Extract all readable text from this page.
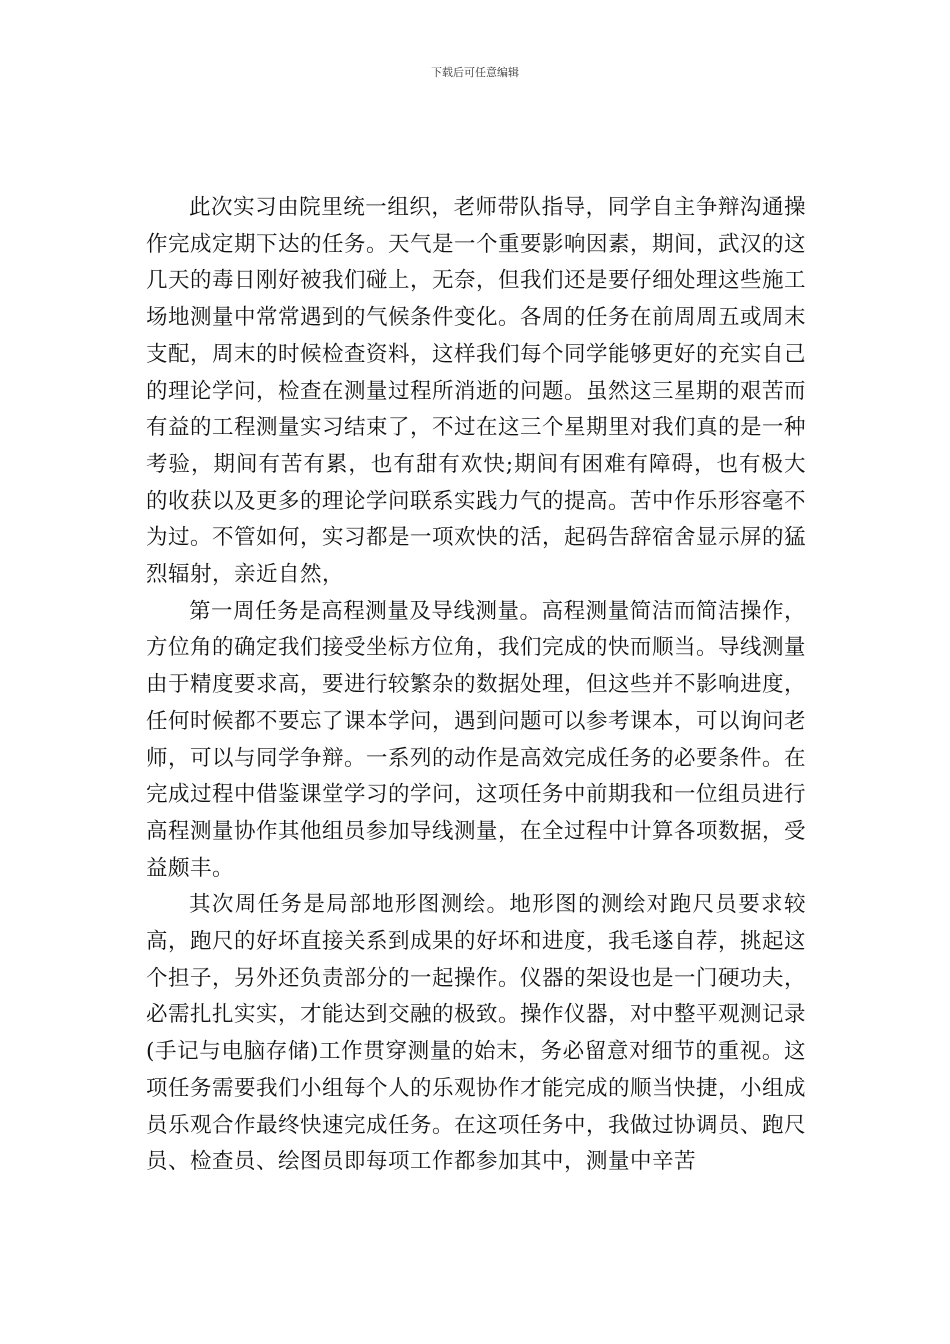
下载后可任意编辑

此次实习由院里统一组织，老师带队指导，同学自主争辩沟通操作完成定期下达的任务。天气是一个重要影响因素，期间，武汉的这几天的毒日刚好被我们碰上，无奈，但我们还是要仔细处理这些施工场地测量中常常遇到的气候条件变化。各周的任务在前周周五或周末支配，周末的时候检查资料，这样我们每个同学能够更好的充实自己的理论学问，检查在测量过程所消逝的问题。虽然这三星期的艰苦而有益的工程测量实习结束了，不过在这三个星期里对我们真的是一种考验，期间有苦有累，也有甜有欢快;期间有困难有障碍，也有极大的收获以及更多的理论学问联系实践力气的提高。苦中作乐形容毫不为过。不管如何，实习都是一项欢快的活，起码告辞宿舍显示屏的猛烈辐射，亲近自然，

第一周任务是高程测量及导线测量。高程测量简洁而简洁操作，方位角的确定我们接受坐标方位角，我们完成的快而顺当。导线测量由于精度要求高，要进行较繁杂的数据处理，但这些并不影响进度，任何时候都不要忘了课本学问，遇到问题可以参考课本，可以询问老师，可以与同学争辩。一系列的动作是高效完成任务的必要条件。在完成过程中借鉴课堂学习的学问，这项任务中前期我和一位组员进行高程测量协作其他组员参加导线测量，在全过程中计算各项数据，受益颇丰。

其次周任务是局部地形图测绘。地形图的测绘对跑尺员要求较高，跑尺的好坏直接关系到成果的好坏和进度，我毛遂自荐，挑起这个担子，另外还负责部分的一起操作。仪器的架设也是一门硬功夫，必需扎扎实实，才能达到交融的极致。操作仪器，对中整平观测记录(手记与电脑存储)工作贯穿测量的始末，务必留意对细节的重视。这项任务需要我们小组每个人的乐观协作才能完成的顺当快捷，小组成员乐观合作最终快速完成任务。在这项任务中，我做过协调员、跑尺员、检查员、绘图员即每项工作都参加其中，测量中辛苦
